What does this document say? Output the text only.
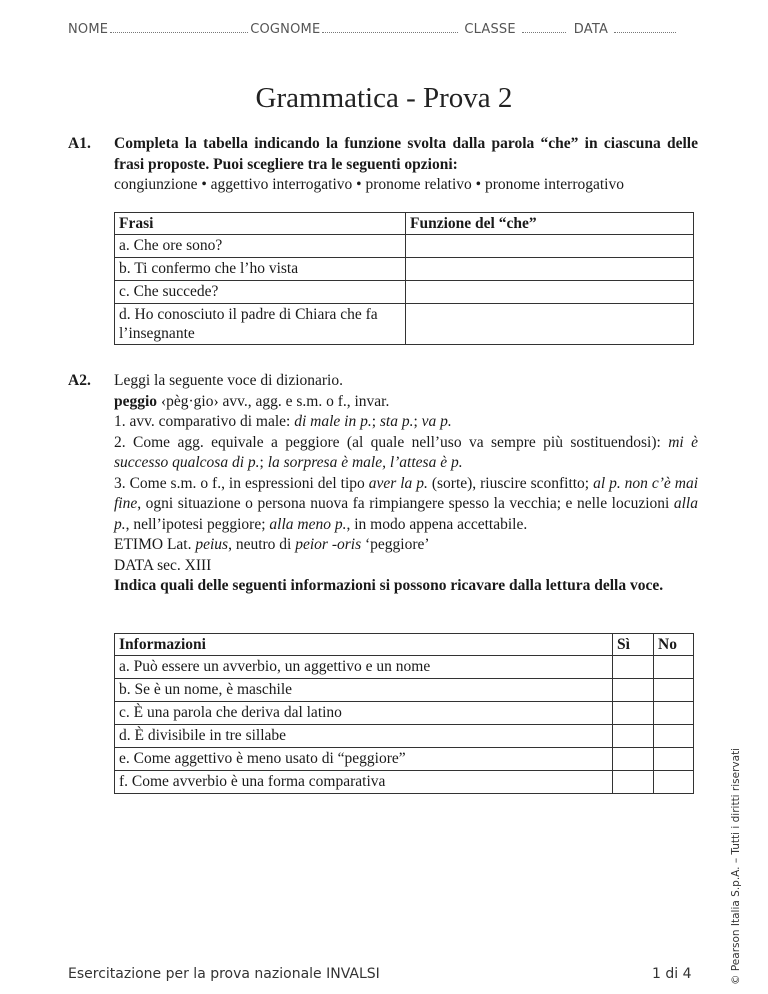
NOME	COGNOME	CLASSE	DATA
Grammatica - Prova 2
A1. Completa la tabella indicando la funzione svolta dalla parola “che” in ciascuna delle frasi proposte. Puoi scegliere tra le seguenti opzioni:
congiunzione • aggettivo interrogativo • pronome relativo • pronome interrogativo
Frasi	Funzione del “che”
a. Che ore sono?	
b. Ti confermo che l’ho vista	
c. Che succede?	
d. Ho conosciuto il padre di Chiara che fa l’insegnante	
A2. Leggi la seguente voce di dizionario.
peggio ‹pèg·gio› avv., agg. e s.m. o f., invar.
1. avv. comparativo di male: di male in p.; sta p.; va p.
2. Come agg. equivale a peggiore (al quale nell’uso va sempre più sostituendosi): mi è successo qualcosa di p.; la sorpresa è male, l’attesa è p.
3. Come s.m. o f., in espressioni del tipo aver la p. (sorte), riuscire sconfitto; al p. non c’è mai fine, ogni situazione o persona nuova fa rimpiangere spesso la vecchia; e nelle locuzioni alla p., nell’ipotesi peggiore; alla meno p., in modo appena accettabile.
ETIMO Lat. peius, neutro di peior -oris ‘peggiore’
DATA sec. XIII
Indica quali delle seguenti informazioni si possono ricavare dalla lettura della voce.
Informazioni	Sì	No
a. Può essere un avverbio, un aggettivo e un nome		
b. Se è un nome, è maschile		
c. È una parola che deriva dal latino		
d. È divisibile in tre sillabe		
e. Come aggettivo è meno usato di “peggiore”		
f. Come avverbio è una forma comparativa			© Pearson Italia S.p.A. – Tutti i diritti riservati
Esercitazione per la prova nazionale INVALSI	1 di 4
